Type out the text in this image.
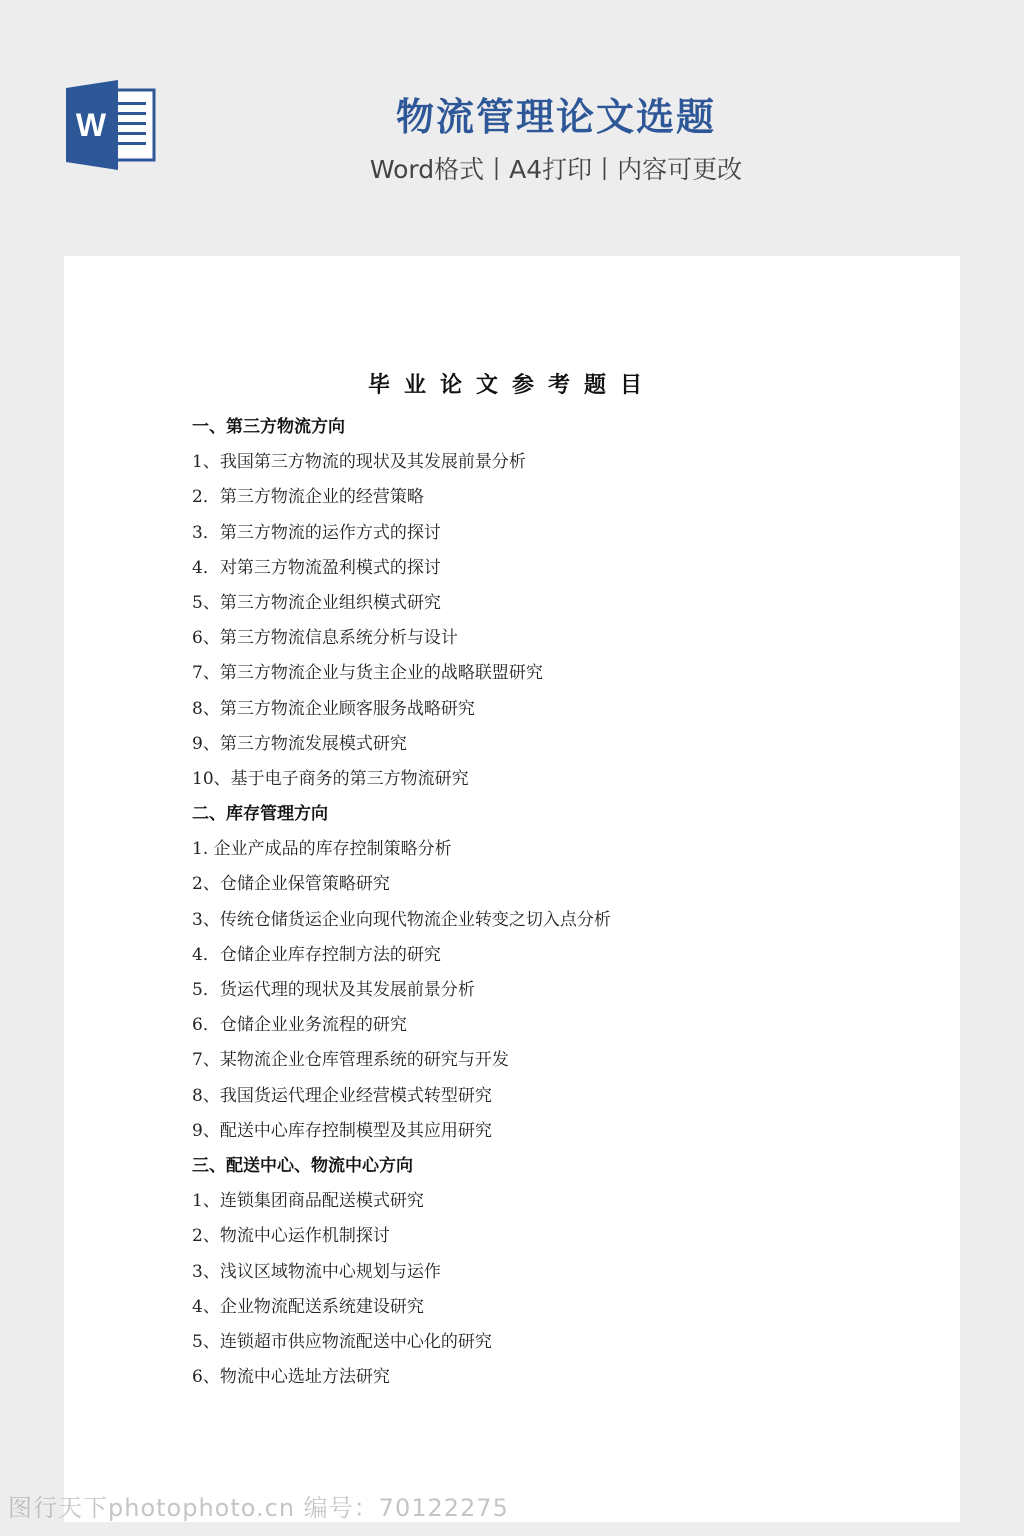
W	物流管理论文选题
Word格式丨A4打印丨内容可更改
毕业论文参考题目
一、第三方物流方向
1、我国第三方物流的现状及其发展前景分析
2．第三方物流企业的经营策略
3．第三方物流的运作方式的探讨
4．对第三方物流盈利模式的探讨
5、第三方物流企业组织模式研究
6、第三方物流信息系统分析与设计
7、第三方物流企业与货主企业的战略联盟研究
8、第三方物流企业顾客服务战略研究
9、第三方物流发展模式研究
10、基于电子商务的第三方物流研究
二、库存管理方向
1. 企业产成品的库存控制策略分析
2、仓储企业保管策略研究
3、传统仓储货运企业向现代物流企业转变之切入点分析
4．仓储企业库存控制方法的研究
5．货运代理的现状及其发展前景分析
6．仓储企业业务流程的研究
7、某物流企业仓库管理系统的研究与开发
8、我国货运代理企业经营模式转型研究
9、配送中心库存控制模型及其应用研究
三、配送中心、物流中心方向
1、连锁集团商品配送模式研究
2、物流中心运作机制探讨
3、浅议区域物流中心规划与运作
4、企业物流配送系统建设研究
5、连锁超市供应物流配送中心化的研究
6、物流中心选址方法研究
图行天下photophoto.cn 编号：70122275
